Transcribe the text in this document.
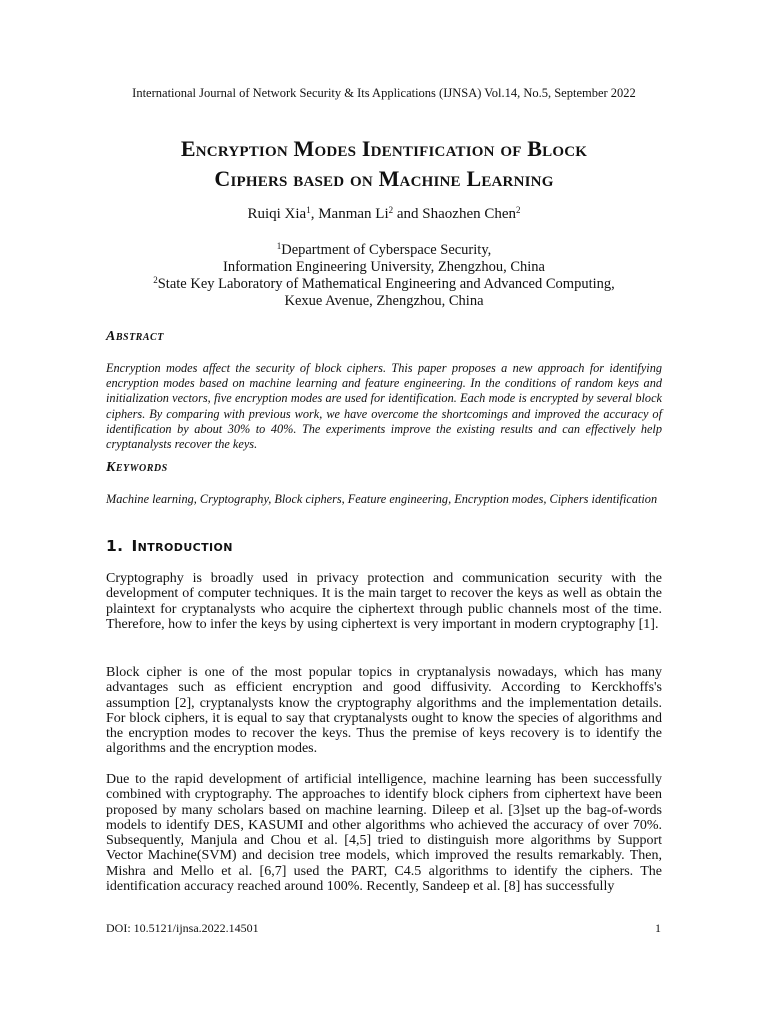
International Journal of Network Security & Its Applications (IJNSA) Vol.14, No.5, September 2022
Encryption Modes Identification of Block
Ciphers based on Machine Learning
Ruiqi Xia$^1$, Manman Li$^2$ and Shaozhen Chen$^2$
$^1$Department of Cyberspace Security,
Information Engineering University, Zhengzhou, China
$^2$State Key Laboratory of Mathematical Engineering and Advanced Computing,
Kexue Avenue, Zhengzhou, China
Abstract
Encryption modes affect the security of block ciphers. This paper proposes a new approach for identifying encryption modes based on machine learning and feature engineering. In the conditions of random keys and initialization vectors, five encryption modes are used for identification. Each mode is encrypted by several block ciphers. By comparing with previous work, we have overcome the shortcomings and improved the accuracy of identification by about 30% to 40%. The experiments improve the existing results and can effectively help cryptanalysts recover the keys.
Keywords
Machine learning, Cryptography, Block ciphers, Feature engineering, Encryption modes, Ciphers identification
1. Introduction
Cryptography is broadly used in privacy protection and communication security with the development of computer techniques. It is the main target to recover the keys as well as obtain the plaintext for cryptanalysts who acquire the ciphertext through public channels most of the time. Therefore, how to infer the keys by using ciphertext is very important in modern cryptography [1].
Block cipher is one of the most popular topics in cryptanalysis nowadays, which has many advantages such as efficient encryption and good diffusivity. According to Kerckhoffs's assumption [2], cryptanalysts know the cryptography algorithms and the implementation details. For block ciphers, it is equal to say that cryptanalysts ought to know the species of algorithms and the encryption modes to recover the keys. Thus the premise of keys recovery is to identify the algorithms and the encryption modes.
Due to the rapid development of artificial intelligence, machine learning has been successfully combined with cryptography. The approaches to identify block ciphers from ciphertext have been proposed by many scholars based on machine learning. Dileep et al. [3]set up the bag-of-words models to identify DES, KASUMI and other algorithms who achieved the accuracy of over 70%. Subsequently, Manjula and Chou et al. [4,5] tried to distinguish more algorithms by Support Vector Machine(SVM) and decision tree models, which improved the results remarkably. Then, Mishra and Mello et al. [6,7] used the PART, C4.5 algorithms to identify the ciphers. The identification accuracy reached around 100%. Recently, Sandeep et al. [8] has successfully
DOI: 10.5121/ijnsa.2022.14501	1
